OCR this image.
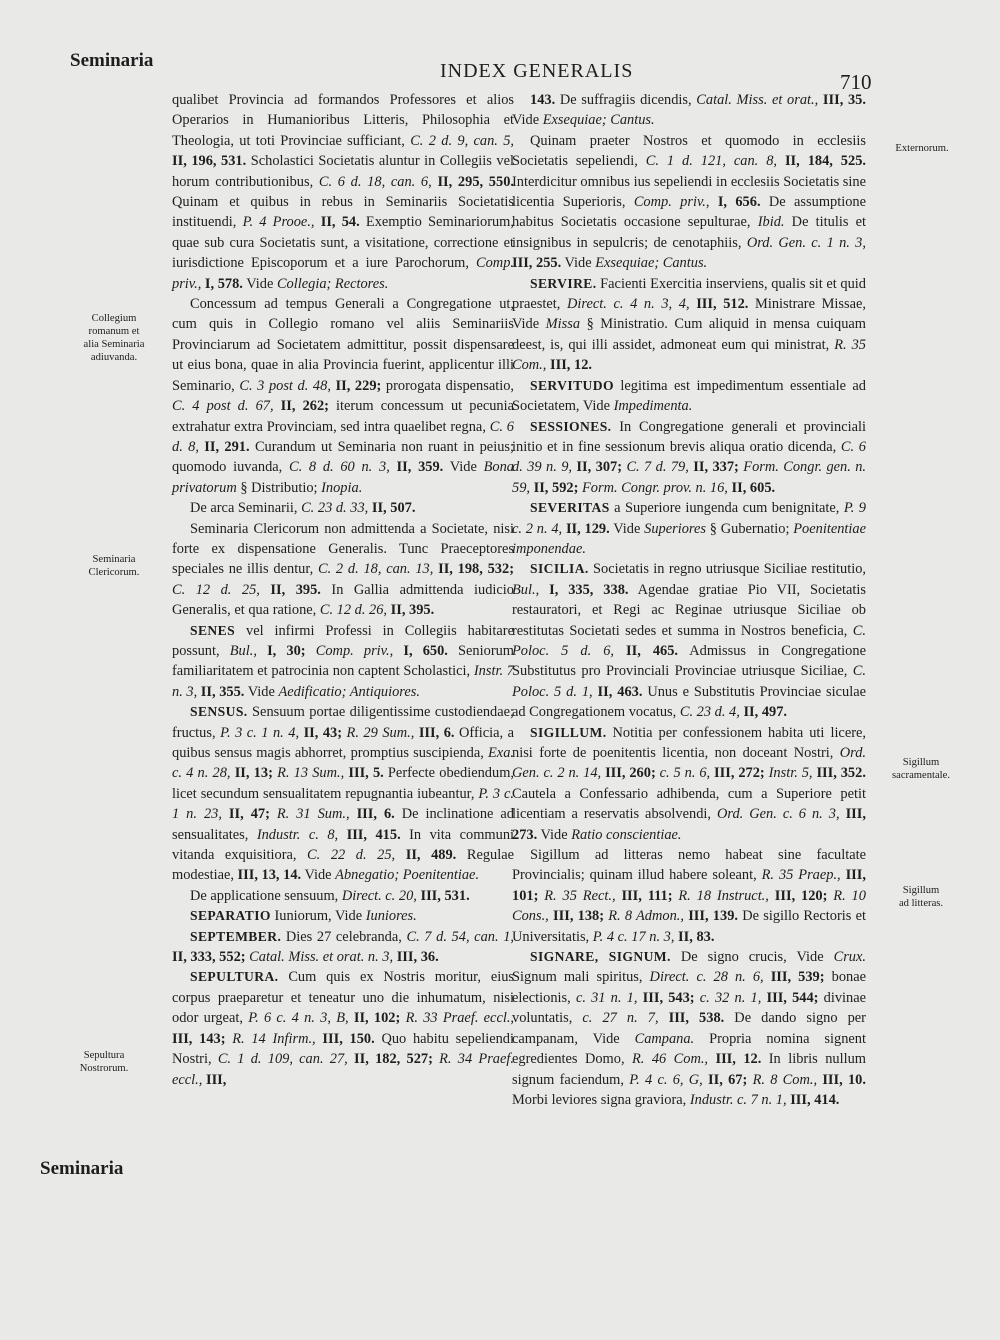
Seminaria	INDEX GENERALIS	710
Collegium
romanum et
alia Seminaria
adiuvanda.
Seminaria
Clericorum.
Sepultura
Nostrorum.
Externorum.
Sigillum
sacramentale.
Sigillum
ad litteras.

qualibet Provincia ad formandos Professores et alios Operarios in Humanioribus Litteris, Philosophia et Theologia, ut toti Provinciae sufficiant, C. 2 d. 9, can. 5, II, 196, 531. Scholastici Societatis aluntur in Collegiis vel horum contributionibus, C. 6 d. 18, can. 6, II, 295, 550. Quinam et quibus in rebus in Seminariis Societatis instituendi, P. 4 Prooe., II, 54. Exemptio Seminariorum, quae sub cura Societatis sunt, a visitatione, correctione et iurisdictione Episcoporum et a iure Parochorum, Comp. priv., I, 578. Vide Collegia; Rectores.

Concessum ad tempus Generali a Congregatione ut, cum quis in Collegio romano vel aliis Seminariis Provinciarum ad Societatem admittitur, possit dispensare ut eius bona, quae in alia Provincia fuerint, applicentur illi Seminario, C. 3 post d. 48, II, 229; prorogata dispensatio, C. 4 post d. 67, II, 262; iterum concessum ut pecunia extrahatur extra Provinciam, sed intra quaelibet regna, C. 6 d. 8, II, 291. Curandum ut Seminaria non ruant in peius; quomodo iuvanda, C. 8 d. 60 n. 3, II, 359. Vide Bona privatorum § Distributio; Inopia.

De arca Seminarii, C. 23 d. 33, II, 507.

Seminaria Clericorum non admittenda a Societate, nisi forte ex dispensatione Generalis. Tunc Praeceptores speciales ne illis dentur, C. 2 d. 18, can. 13, II, 198, 532; C. 12 d. 25, II, 395. In Gallia admittenda iudicio Generalis, et qua ratione, C. 12 d. 26, II, 395.

SENES vel infirmi Professi in Collegiis habitare possunt, Bul., I, 30; Comp. priv., I, 650. Seniorum familiaritatem et patrocinia non captent Scholastici, Instr. 7 n. 3, II, 355. Vide Aedificatio; Antiquiores.

SENSUS. Sensuum portae diligentissime custodiendae; fructus, P. 3 c. 1 n. 4, II, 43; R. 29 Sum., III, 6. Officia, a quibus sensus magis abhorret, promptius suscipienda, Exa. c. 4 n. 28, II, 13; R. 13 Sum., III, 5. Perfecte obediendum, licet secundum sensualitatem repugnantia iubeantur, P. 3 c. 1 n. 23, II, 47; R. 31 Sum., III, 6. De inclinatione ad sensualitates, Industr. c. 8, III, 415. In vita communi vitanda exquisitiora, C. 22 d. 25, II, 489. Regulae modestiae, III, 13, 14. Vide Abnegatio; Poenitentiae.

De applicatione sensuum, Direct. c. 20, III, 531.

SEPARATIO Iuniorum, Vide Iuniores.

SEPTEMBER. Dies 27 celebranda, C. 7 d. 54, can. 1, II, 333, 552; Catal. Miss. et orat. n. 3, III, 36.

SEPULTURA. Cum quis ex Nostris moritur, eius corpus praeparetur et teneatur uno die inhumatum, nisi odor urgeat, P. 6 c. 4 n. 3, B, II, 102; R. 33 Praef. eccl., III, 143; R. 14 Infirm., III, 150. Quo habitu sepeliendi Nostri, C. 1 d. 109, can. 27, II, 182, 527; R. 34 Praef. eccl., III,

143. De suffragiis dicendis, Catal. Miss. et orat., III, 35. Vide Exsequiae; Cantus.

Quinam praeter Nostros et quomodo in ecclesiis Societatis sepeliendi, C. 1 d. 121, can. 8, II, 184, 525. Interdicitur omnibus ius sepeliendi in ecclesiis Societatis sine licentia Superioris, Comp. priv., I, 656. De assumptione habitus Societatis occasione sepulturae, Ibid. De titulis et insignibus in sepulcris; de cenotaphiis, Ord. Gen. c. 1 n. 3, III, 255. Vide Exsequiae; Cantus.

SERVIRE. Facienti Exercitia inserviens, qualis sit et quid praestet, Direct. c. 4 n. 3, 4, III, 512. Ministrare Missae, Vide Missa § Ministratio. Cum aliquid in mensa cuiquam deest, is, qui illi assidet, admoneat eum qui ministrat, R. 35 Com., III, 12.

SERVITUDO legitima est impedimentum essentiale ad Societatem, Vide Impedimenta.

SESSIONES. In Congregatione generali et provinciali initio et in fine sessionum brevis aliqua oratio dicenda, C. 6 d. 39 n. 9, II, 307; C. 7 d. 79, II, 337; Form. Congr. gen. n. 59, II, 592; Form. Congr. prov. n. 16, II, 605.

SEVERITAS a Superiore iungenda cum benignitate, P. 9 c. 2 n. 4, II, 129. Vide Superiores § Gubernatio; Poenitentiae imponendae.

SICILIA. Societatis in regno utriusque Siciliae restitutio, Bul., I, 335, 338. Agendae gratiae Pio VII, Societatis restauratori, et Regi ac Reginae utriusque Siciliae ob restitutas Societati sedes et summa in Nostros beneficia, C. Poloc. 5 d. 6, II, 465. Admissus in Congregatione Substitutus pro Provinciali Provinciae utriusque Siciliae, C. Poloc. 5 d. 1, II, 463. Unus e Substitutis Provinciae siculae ad Congregationem vocatus, C. 23 d. 4, II, 497.

SIGILLUM. Notitia per confessionem habita uti licere, nisi forte de poenitentis licentia, non doceant Nostri, Ord. Gen. c. 2 n. 14, III, 260; c. 5 n. 6, III, 272; Instr. 5, III, 352. Cautela a Confessario adhibenda, cum a Superiore petit licentiam a reservatis absolvendi, Ord. Gen. c. 6 n. 3, III, 273. Vide Ratio conscientiae.

Sigillum ad litteras nemo habeat sine facultate Provincialis; quinam illud habere soleant, R. 35 Praep., III, 101; R. 35 Rect., III, 111; R. 18 Instruct., III, 120; R. 10 Cons., III, 138; R. 8 Admon., III, 139. De sigillo Rectoris et Universitatis, P. 4 c. 17 n. 3, II, 83.

SIGNARE, SIGNUM. De signo crucis, Vide Crux. Signum mali spiritus, Direct. c. 28 n. 6, III, 539; bonae electionis, c. 31 n. 1, III, 543; c. 32 n. 1, III, 544; divinae voluntatis, c. 27 n. 7, III, 538. De dando signo per campanam, Vide Campana. Propria nomina signent egredientes Domo, R. 46 Com., III, 12. In libris nullum signum faciendum, P. 4 c. 6, G, II, 67; R. 8 Com., III, 10. Morbi leviores signa graviora, Industr. c. 7 n. 1, III, 414.

Seminaria
